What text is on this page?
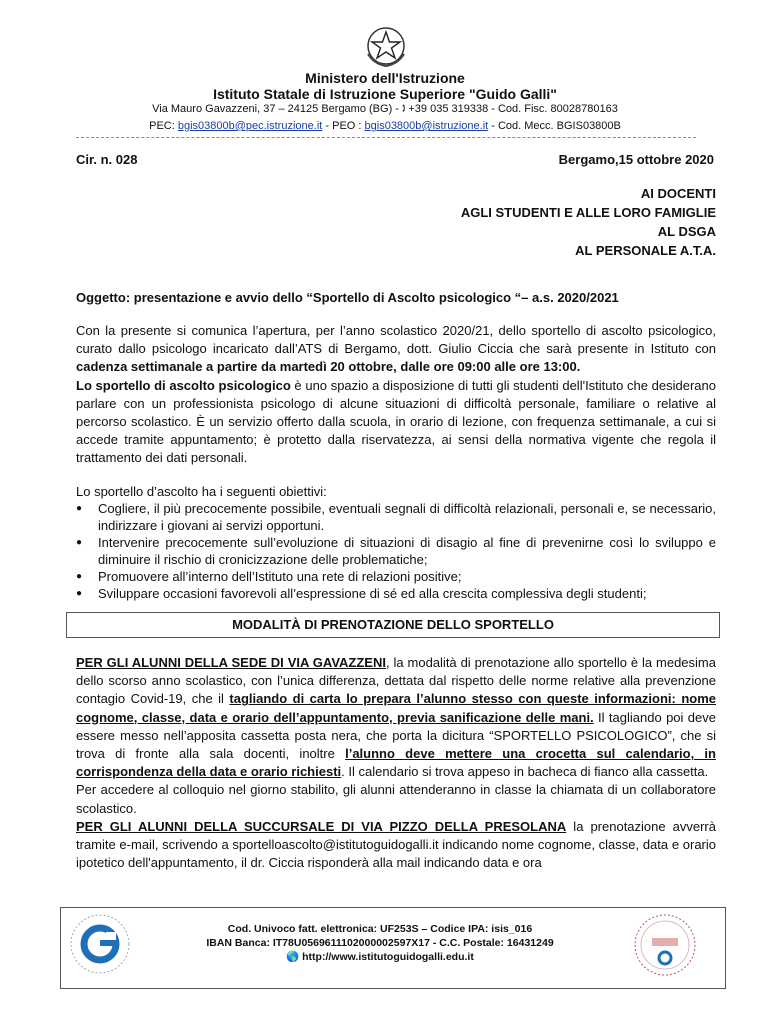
Ministero dell'Istruzione
Istituto Statale di Istruzione Superiore "Guido Galli"
Via Mauro Gavazzeni, 37 – 24125 Bergamo (BG) - 🕽 +39 035 319338 - Cod. Fisc. 80028780163
PEC: bgis03800b@pec.istruzione.it - PEO : bgis03800b@istruzione.it - Cod. Mecc. BGIS03800B
Cir. n. 028	Bergamo,15 ottobre 2020
AI DOCENTI
AGLI STUDENTI E ALLE LORO FAMIGLIE
AL DSGA
AL PERSONALE A.T.A.
Oggetto: presentazione e avvio dello “Sportello di Ascolto psicologico “– a.s. 2020/2021
Con la presente si comunica l’apertura, per l’anno scolastico 2020/21, dello sportello di ascolto psicologico, curato dallo psicologo incaricato dall’ATS di Bergamo, dott. Giulio Ciccia che sarà presente in Istituto con cadenza settimanale a partire da martedì 20 ottobre, dalle ore 09:00 alle ore 13:00.
Lo sportello di ascolto psicologico è uno spazio a disposizione di tutti gli studenti dell'Istituto che desiderano parlare con un professionista psicologo di alcune situazioni di difficoltà personale, familiare o relative al percorso scolastico. È un servizio offerto dalla scuola, in orario di lezione, con frequenza settimanale, a cui si accede tramite appuntamento; è protetto dalla riservatezza, ai sensi della normativa vigente che regola il trattamento dei dati personali.
Lo sportello d’ascolto ha i seguenti obiettivi:
● Cogliere, il più precocemente possibile, eventuali segnali di difficoltà relazionali, personali e, se necessario, indirizzare i giovani ai servizi opportuni.
● Intervenire precocemente sull’evoluzione di situazioni di disagio al fine di prevenirne così lo sviluppo e diminuire il rischio di cronicizzazione delle problematiche;
● Promuovere all’interno dell’Istituto una rete di relazioni positive;
● Sviluppare occasioni favorevoli all’espressione di sé ed alla crescita complessiva degli studenti;
MODALITÀ DI PRENOTAZIONE DELLO SPORTELLO
PER GLI ALUNNI DELLA SEDE DI VIA GAVAZZENI, la modalità di prenotazione allo sportello è la medesima dello scorso anno scolastico, con l’unica differenza, dettata dal rispetto delle norme relative alla prevenzione contagio Covid-19, che il tagliando di carta lo prepara l’alunno stesso con queste informazioni: nome cognome, classe, data e orario dell’appuntamento, previa sanificazione delle mani. Il tagliando poi deve essere messo nell’apposita cassetta posta nera, che porta la dicitura “SPORTELLO PSICOLOGICO”, che si trova di fronte alla sala docenti, inoltre l’alunno deve mettere una crocetta sul calendario, in corrispondenza della data e orario richiesti. Il calendario si trova appeso in bacheca di fianco alla cassetta.
Per accedere al colloquio nel giorno stabilito, gli alunni attenderanno in classe la chiamata di un collaboratore scolastico.
PER GLI ALUNNI DELLA SUCCURSALE DI VIA PIZZO DELLA PRESOLANA la prenotazione avverrà tramite e-mail, scrivendo a sportelloascolto@istitutoguidogalli.it indicando nome cognome, classe, data e orario ipotetico dell'appuntamento, il dr. Ciccia risponderà alla mail indicando data e ora
Cod. Univoco fatt. elettronica: UF253S – Codice IPA: isis_016
IBAN Banca: IT78U0569611102000002597X17 - C.C. Postale: 16431249
🌎 http://www.istitutoguidogalli.edu.it
